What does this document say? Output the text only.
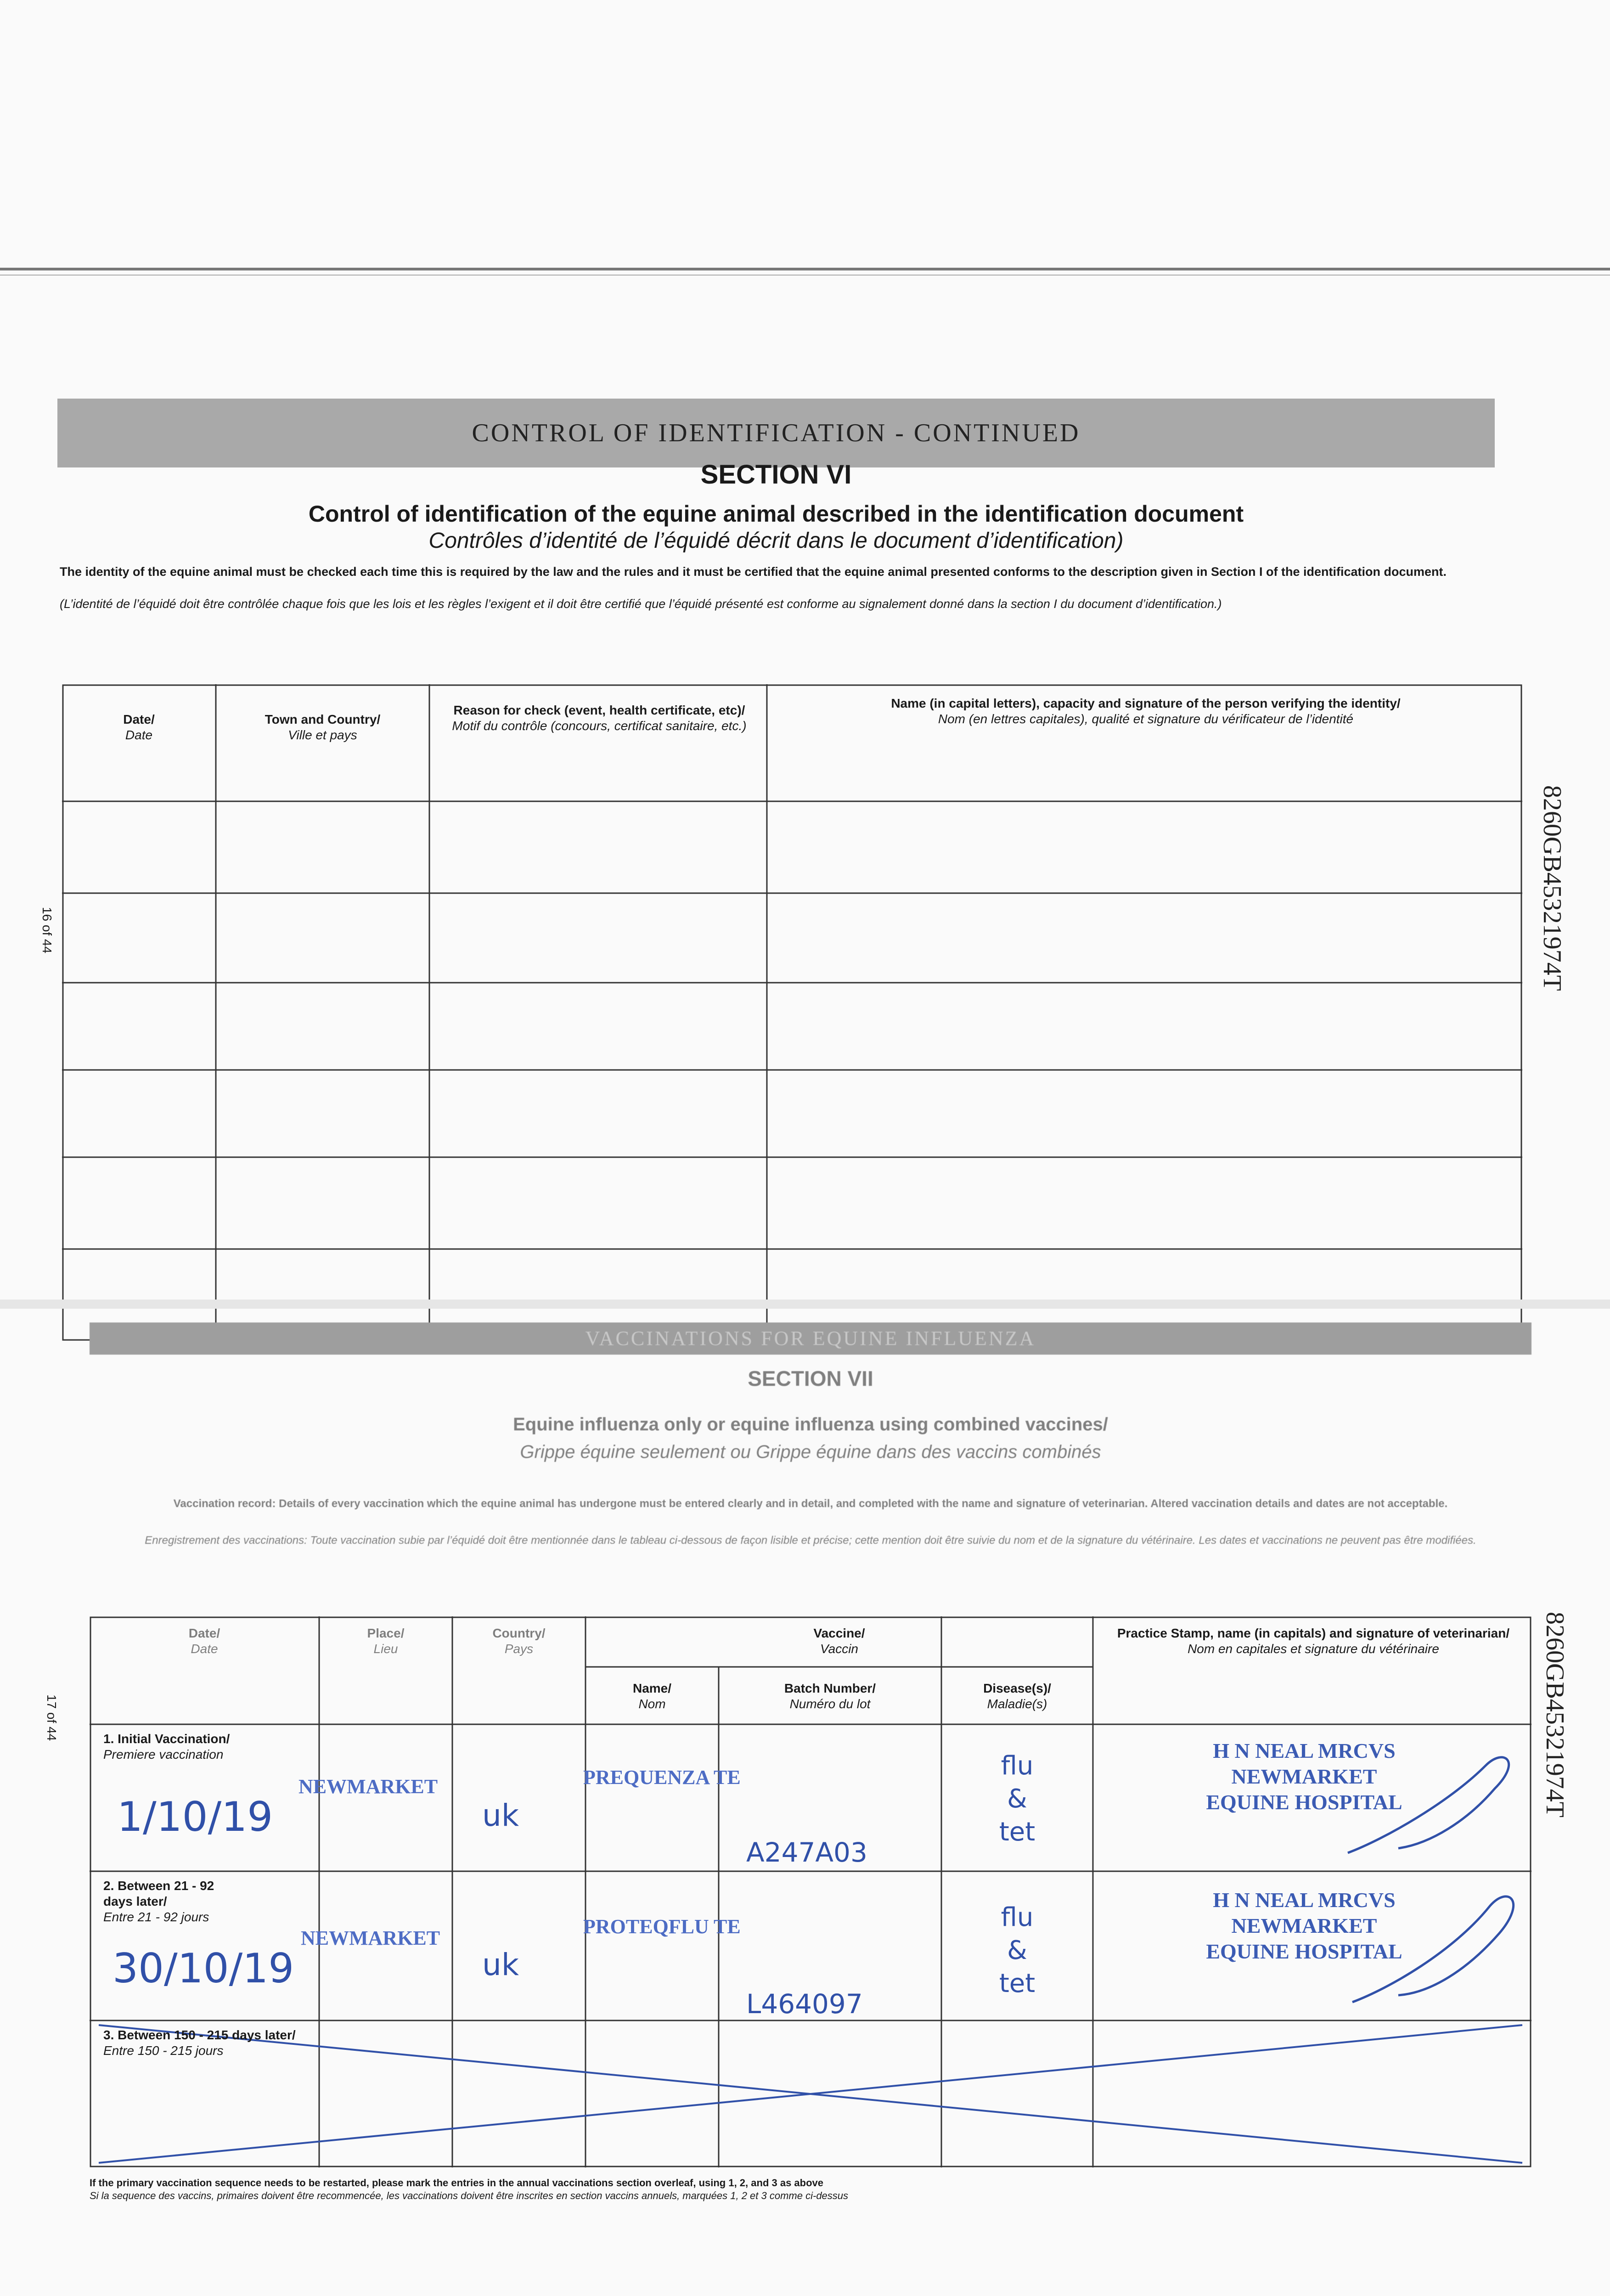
CONTROL OF IDENTIFICATION - CONTINUED
SECTION VI
Control of identification of the equine animal described in the identification document
Contrôles d’identité de l’équidé décrit dans le document d’identification)
The identity of the equine animal must be checked each time this is required by the law and the rules and it must be certified that the equine animal presented conforms to the description given in Section I of the identification document.
(L’identité de l’équidé doit être contrôlée chaque fois que les lois et les règles l’exigent et il doit être certifié que l’équidé présenté est conforme au signalement donné dans la section I du document d’identification.)
Date/
Date
Town and Country/
Ville et pays
Reason for check (event, health certificate, etc)/
Motif du contrôle (concours, certificat sanitaire, etc.)
Name (in capital letters), capacity and signature of the person verifying the identity/
Nom (en lettres capitales), qualité et signature du vérificateur de l’identité
8260GB45321974T
16 of 44
VACCINATIONS FOR EQUINE INFLUENZA
SECTION VII
Equine influenza only or equine influenza using combined vaccines/
Grippe équine seulement ou Grippe équine dans des vaccins combinés
Vaccination record: Details of every vaccination which the equine animal has undergone must be entered clearly and in detail, and completed with the name and signature of veterinarian. Altered vaccination details and dates are not acceptable.
Enregistrement des vaccinations: Toute vaccination subie par l’équidé doit être mentionnée dans le tableau ci-dessous de façon lisible et précise; cette mention doit être suivie du nom et de la signature du vétérinaire. Les dates et vaccinations ne peuvent pas être modifiées.
Date/
Date
Place/
Lieu
Country/
Pays
Vaccine/
Vaccin
Name/
Nom
Batch Number/
Numéro du lot
Disease(s)/
Maladie(s)
Practice Stamp, name (in capitals) and signature of veterinarian/
Nom en capitales et signature du vétérinaire
1. Initial Vaccination/
Premiere vaccination
1/10/19
NEWMARKET
uk
PREQUENZA TE
A247A03
flu
&
tet
H N NEAL MRCVS
NEWMARKET
EQUINE HOSPITAL
2. Between 21 - 92 days later/
Entre 21 - 92 jours
30/10/19
NEWMARKET
uk
PROTEQFLU TE
L464097
flu
&
tet
H N NEAL MRCVS
NEWMARKET
EQUINE HOSPITAL
3. Between 150 - 215 days later/
Entre 150 - 215 jours
If the primary vaccination sequence needs to be restarted, please mark the entries in the annual vaccinations section overleaf, using 1, 2, and 3 as above
Si la sequence des vaccins, primaires doivent être recommencée, les vaccinations doivent être inscrites en section vaccins annuels, marquées 1, 2 et 3 comme ci-dessus
8260GB45321974T
17 of 44
